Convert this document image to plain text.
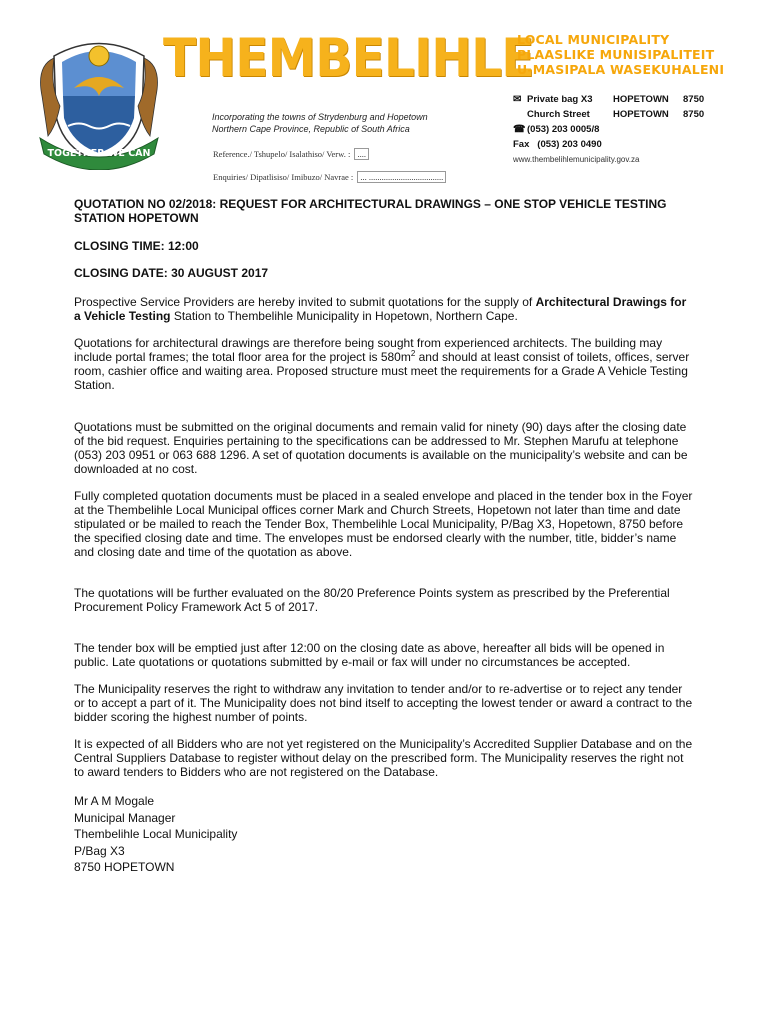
TOGETHER WE CAN
THEMBELIHLE
LOCAL MUNICIPALITY
PLAASLIKE MUNISIPALITEIT
U-MASIPALA WASEKUHALENI
Incorporating the towns of Strydenburg and Hopetown
Northern Cape Province, Republic of South Africa
Reference./ Tshupelo/ Isalathiso/ Verw. : ....
Enquiries/ Dipatlisiso/ Imibuzo/ Navrae : ... ...................................
✉ Private bag X3 HOPETOWN 8750
Church Street HOPETOWN 8750
☎ (053) 203 0005/8
Fax (053) 203 0490
www.thembelihlemunicipality.gov.za

QUOTATION NO 02/2018: REQUEST FOR ARCHITECTURAL DRAWINGS – ONE STOP VEHICLE TESTING STATION HOPETOWN

CLOSING TIME: 12:00

CLOSING DATE: 30 AUGUST 2017

Prospective Service Providers are hereby invited to submit quotations for the supply of Architectural Drawings for a Vehicle Testing Station to Thembelihle Municipality in Hopetown, Northern Cape.

Quotations for architectural drawings are therefore being sought from experienced architects. The building may include portal frames; the total floor area for the project is $580m^2$ and should at least consist of toilets, offices, server room, cashier office and waiting area. Proposed structure must meet the requirements for a Grade A Vehicle Testing Station.

Quotations must be submitted on the original documents and remain valid for ninety (90) days after the closing date of the bid request. Enquiries pertaining to the specifications can be addressed to Mr. Stephen Marufu at telephone (053) 203 0951 or 063 688 1296. A set of quotation documents is available on the municipality’s website and can be downloaded at no cost.

Fully completed quotation documents must be placed in a sealed envelope and placed in the tender box in the Foyer at the Thembelihle Local Municipal offices corner Mark and Church Streets, Hopetown not later than time and date stipulated or be mailed to reach the Tender Box, Thembelihle Local Municipality, P/Bag X3, Hopetown, 8750 before the specified closing date and time. The envelopes must be endorsed clearly with the number, title, bidder’s name and closing date and time of the quotation as above.

The quotations will be further evaluated on the 80/20 Preference Points system as prescribed by the Preferential Procurement Policy Framework Act 5 of 2017.

The tender box will be emptied just after 12:00 on the closing date as above, hereafter all bids will be opened in public. Late quotations or quotations submitted by e-mail or fax will under no circumstances be accepted.

The Municipality reserves the right to withdraw any invitation to tender and/or to re-advertise or to reject any tender or to accept a part of it. The Municipality does not bind itself to accepting the lowest tender or award a contract to the bidder scoring the highest number of points.

It is expected of all Bidders who are not yet registered on the Municipality’s Accredited Supplier Database and on the Central Suppliers Database to register without delay on the prescribed form. The Municipality reserves the right not to award tenders to Bidders who are not registered on the Database.

Mr A M Mogale
Municipal Manager
Thembelihle Local Municipality
P/Bag X3
8750 HOPETOWN
